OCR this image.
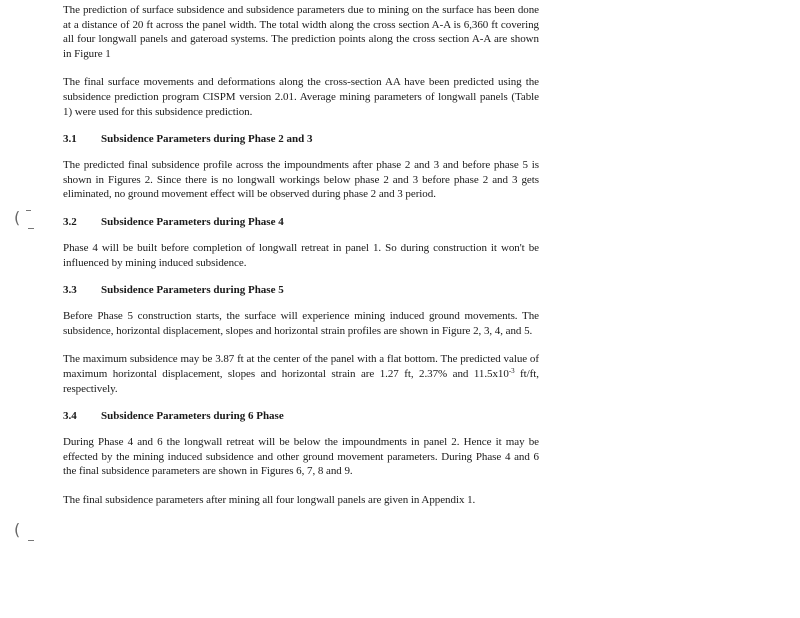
The prediction of surface subsidence and subsidence parameters due to mining on the surface has been done at a distance of 20 ft across the panel width. The total width along the cross section A-A is 6,360 ft covering all four longwall panels and gateroad systems. The prediction points along the cross section A-A are shown in Figure 1

The final surface movements and deformations along the cross-section AA have been predicted using the subsidence prediction program CISPM version 2.01. Average mining parameters of longwall panels (Table 1) were used for this subsidence prediction.

3.1	Subsidence Parameters during Phase 2 and 3

The predicted final subsidence profile across the impoundments after phase 2 and 3 and before phase 5 is shown in Figures 2. Since there is no longwall workings below phase 2 and 3 before phase 2 and 3 gets eliminated, no ground movement effect will be observed during phase 2 and 3 period.

3.2	Subsidence Parameters during Phase 4

Phase 4 will be built before completion of longwall retreat in panel 1. So during construction it won't be influenced by mining induced subsidence.

3.3	Subsidence Parameters during Phase 5

Before Phase 5 construction starts, the surface will experience mining induced ground movements. The subsidence, horizontal displacement, slopes and horizontal strain profiles are shown in Figure 2, 3, 4, and 5.

The maximum subsidence may be 3.87 ft at the center of the panel with a flat bottom. The predicted value of maximum horizontal displacement, slopes and horizontal strain are 1.27 ft, 2.37% and $11.5x10^{-3}$ ft/ft, respectively.

3.4	Subsidence Parameters during 6 Phase

During Phase 4 and 6 the longwall retreat will be below the impoundments in panel 2. Hence it may be effected by the mining induced subsidence and other ground movement parameters. During Phase 4 and 6 the final subsidence parameters are shown in Figures 6, 7, 8 and 9.

The final subsidence parameters after mining all four longwall panels are given in Appendix 1.

(
(
